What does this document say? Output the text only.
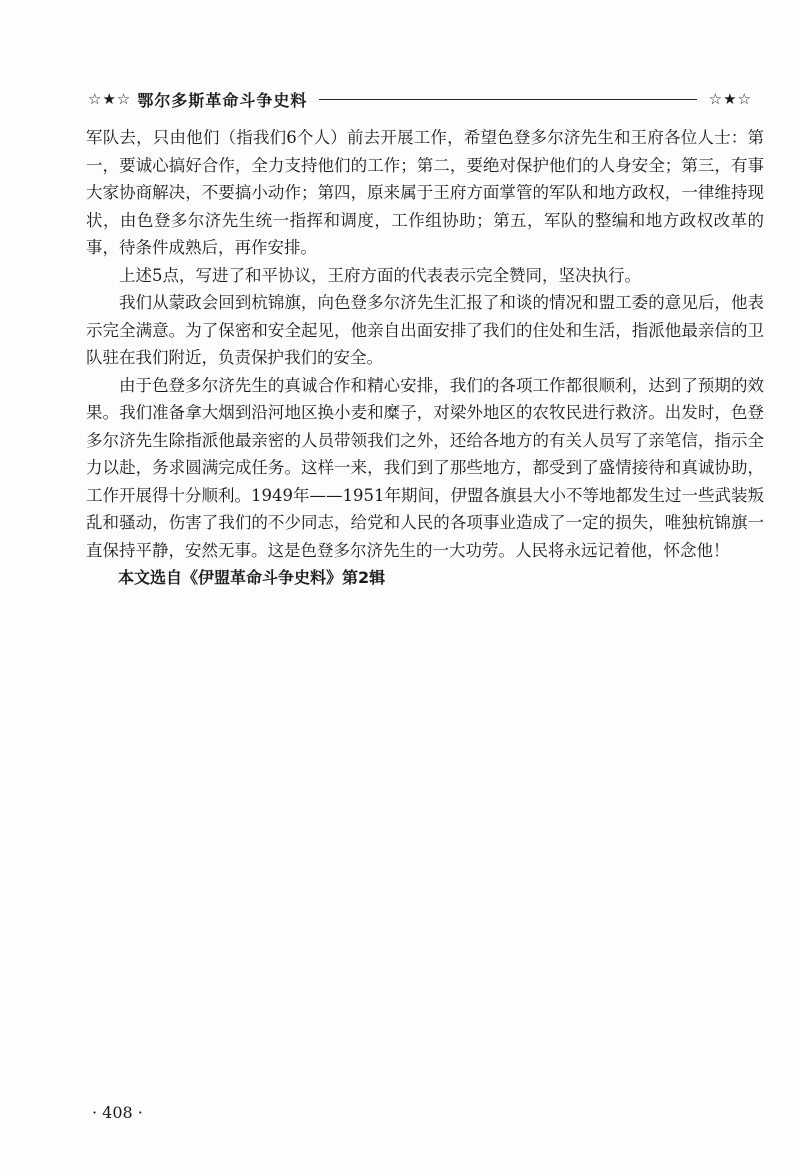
☆★☆ 鄂尔多斯革命斗争史料	☆★☆

军队去，只由他们（指我们6个人）前去开展工作，希望色登多尔济先生和王府各位人士：第一，要诚心搞好合作，全力支持他们的工作；第二，要绝对保护他们的人身安全；第三，有事大家协商解决，不要搞小动作；第四，原来属于王府方面掌管的军队和地方政权，一律维持现状，由色登多尔济先生统一指挥和调度，工作组协助；第五，军队的整编和地方政权改革的事，待条件成熟后，再作安排。

上述5点，写进了和平协议，王府方面的代表表示完全赞同，坚决执行。

我们从蒙政会回到杭锦旗，向色登多尔济先生汇报了和谈的情况和盟工委的意见后，他表示完全满意。为了保密和安全起见，他亲自出面安排了我们的住处和生活，指派他最亲信的卫队驻在我们附近，负责保护我们的安全。

由于色登多尔济先生的真诚合作和精心安排，我们的各项工作都很顺利，达到了预期的效果。我们准备拿大烟到沿河地区换小麦和糜子，对梁外地区的农牧民进行救济。出发时，色登多尔济先生除指派他最亲密的人员带领我们之外，还给各地方的有关人员写了亲笔信，指示全力以赴，务求圆满完成任务。这样一来，我们到了那些地方，都受到了盛情接待和真诚协助，工作开展得十分顺利。1949年——1951年期间，伊盟各旗县大小不等地都发生过一些武装叛乱和骚动，伤害了我们的不少同志，给党和人民的各项事业造成了一定的损失，唯独杭锦旗一直保持平静，安然无事。这是色登多尔济先生的一大功劳。人民将永远记着他，怀念他！

本文选自《伊盟革命斗争史料》第2辑

· 408 ·
